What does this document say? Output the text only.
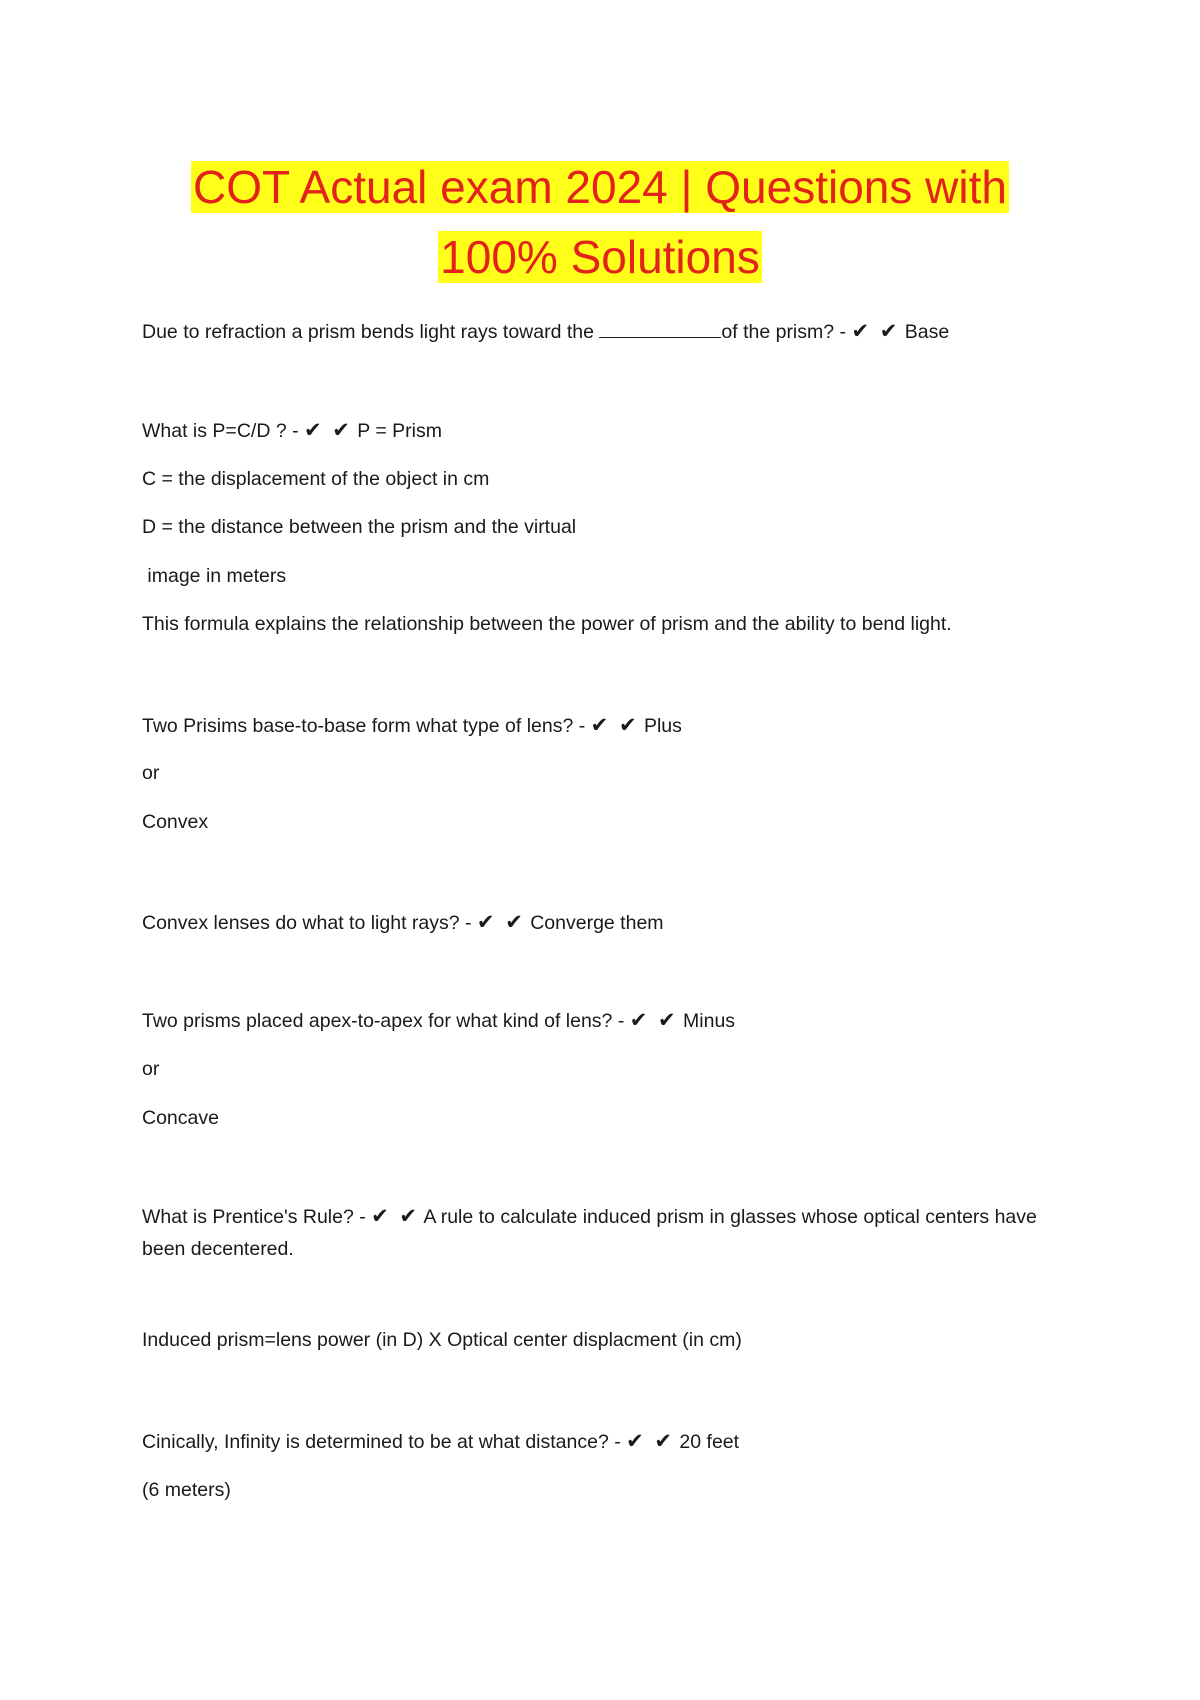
COT Actual exam 2024 | Questions with 100% Solutions
Due to refraction a prism bends light rays toward the	of the prism? - ✔ ✔ Base
What is P=C/D ? - ✔ ✔ P = Prism
C = the displacement of the object in cm
D = the distance between the prism and the virtual
image in meters
This formula explains the relationship between the power of prism and the ability to bend light.
Two Prisims base-to-base form what type of lens? - ✔ ✔ Plus
or
Convex
Convex lenses do what to light rays? - ✔ ✔ Converge them
Two prisms placed apex-to-apex for what kind of lens? - ✔ ✔ Minus
or
Concave
What is Prentice's Rule? - ✔ ✔ A rule to calculate induced prism in glasses whose optical centers have been decentered.
Induced prism=lens power (in D) X Optical center displacment (in cm)
Cinically, Infinity is determined to be at what distance? - ✔ ✔ 20 feet
(6 meters)
